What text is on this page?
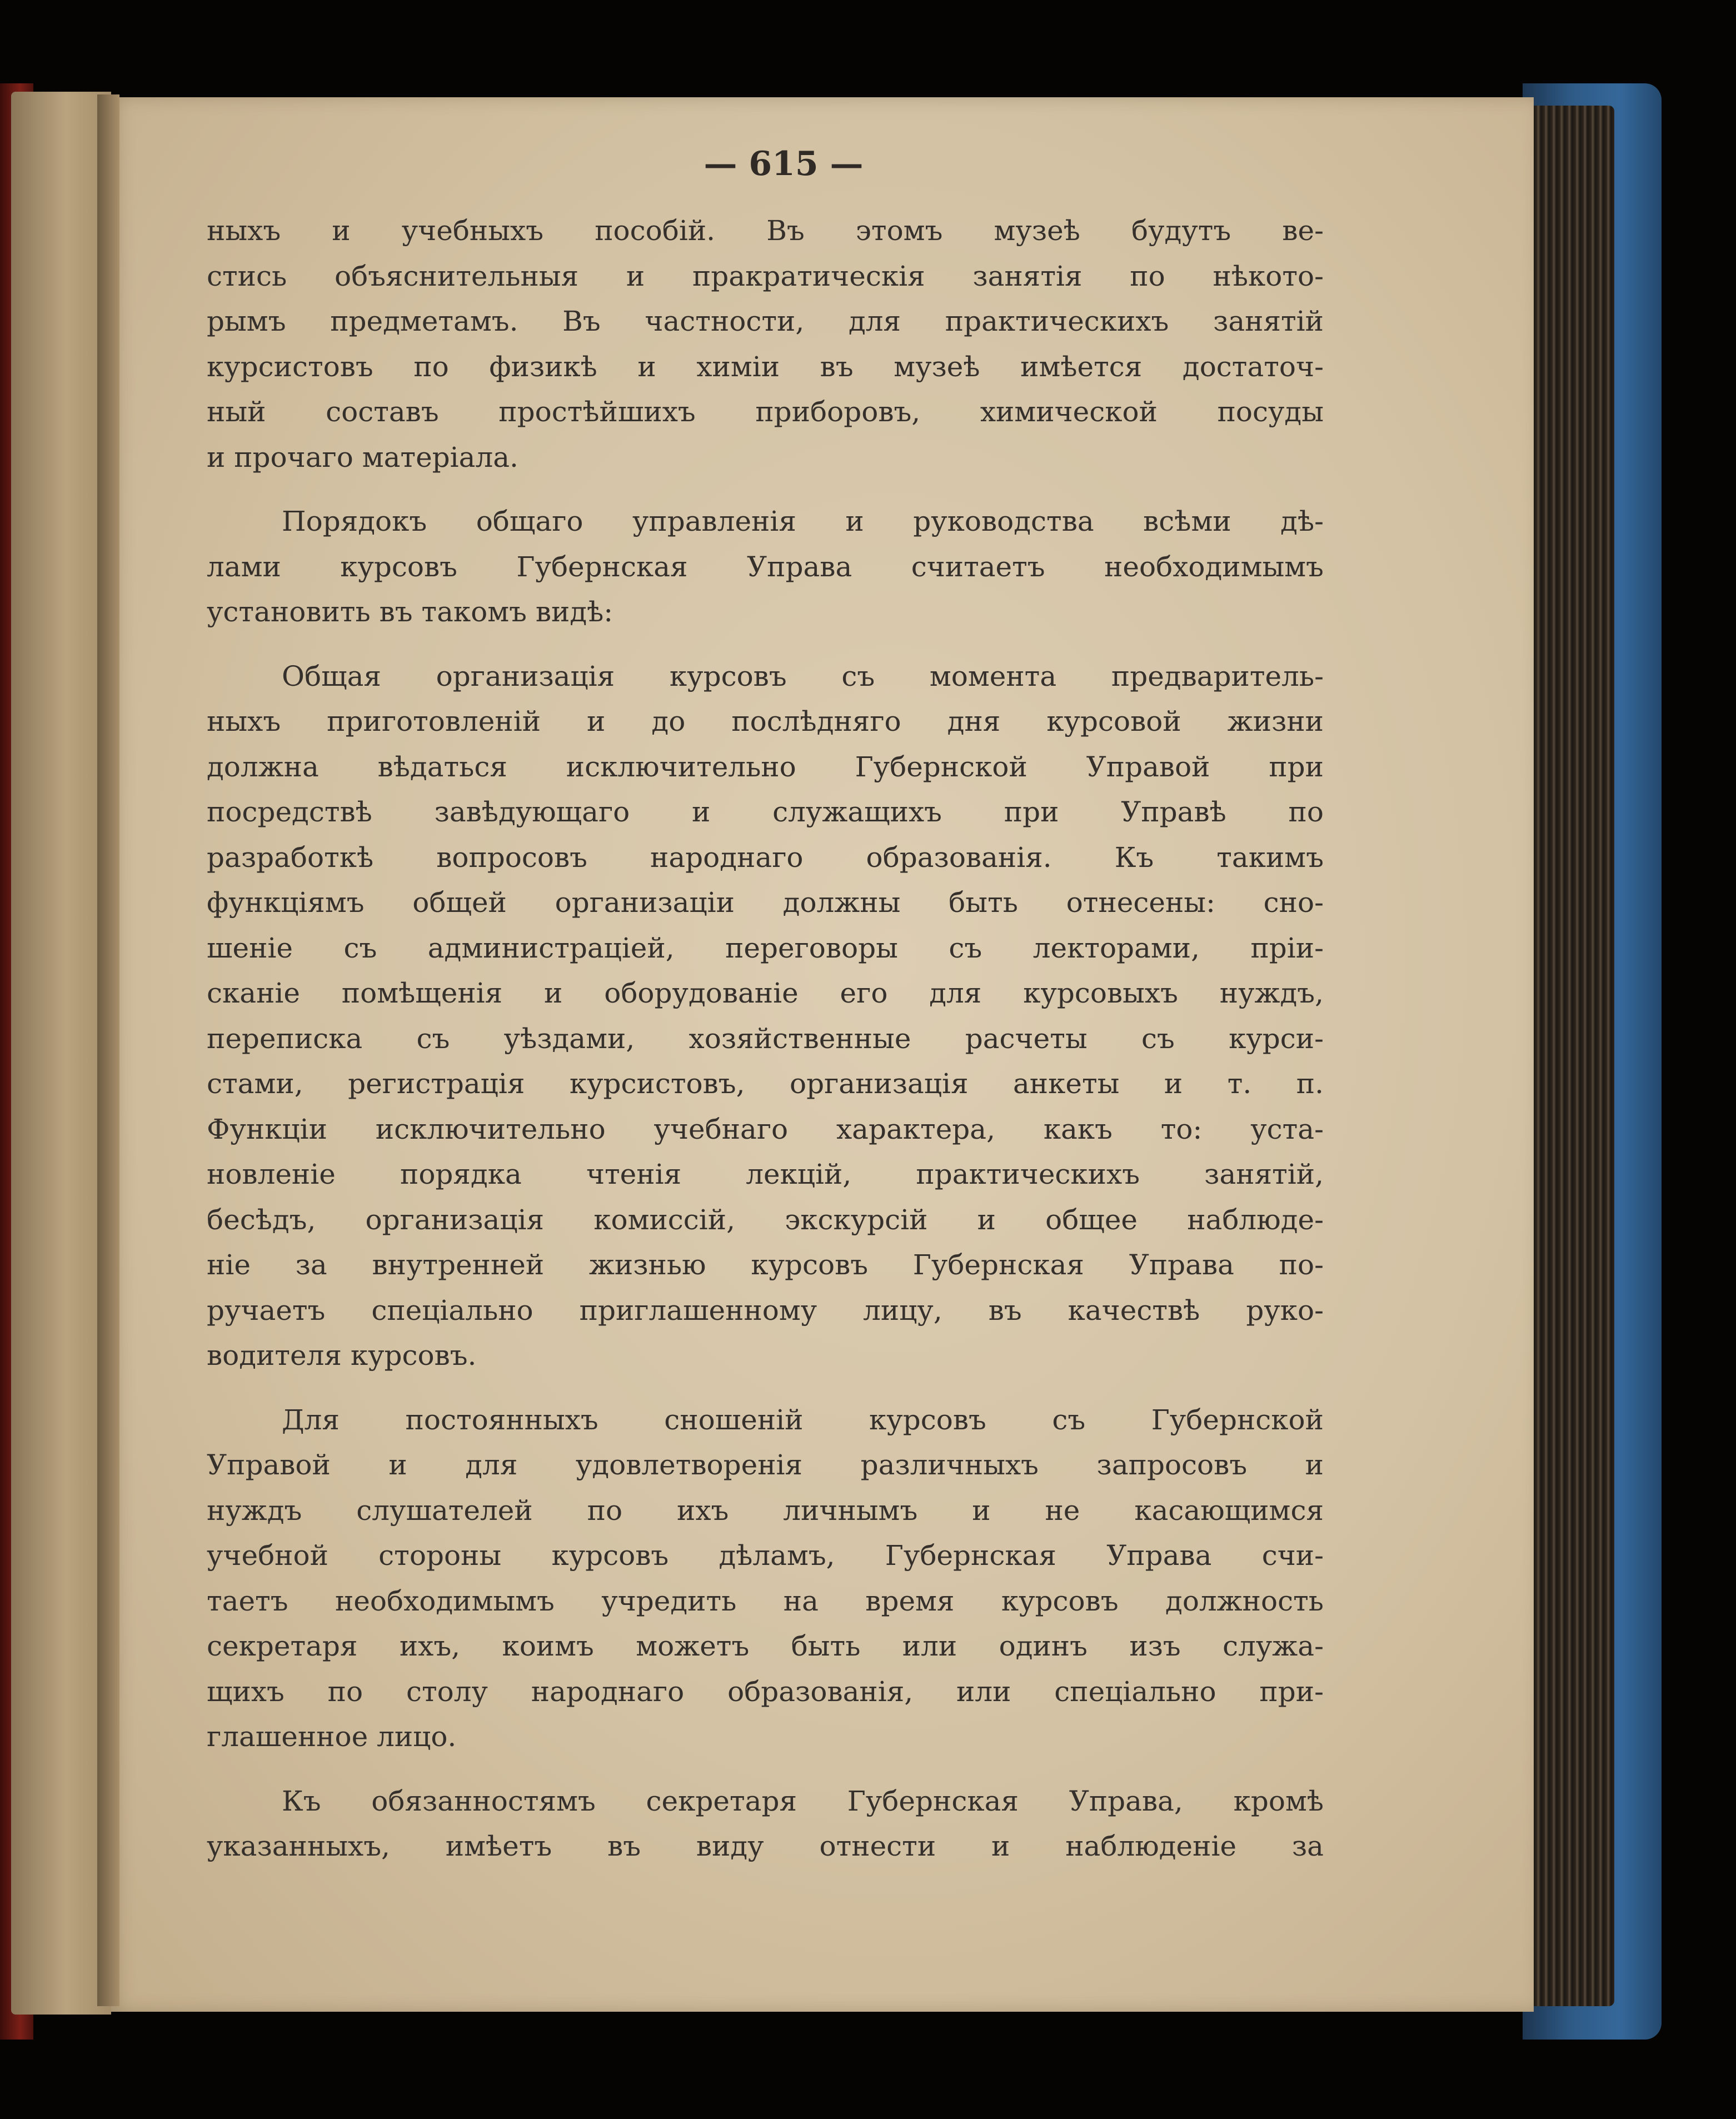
— 615 —

ныхъ и учебныхъ пособій. Въ этомъ музеѣ будутъ ве-
стись объяснительныя и пракратическія занятія по нѣкото-
рымъ предметамъ. Въ частности, для практическихъ занятій
курсистовъ по физикѣ и химіи въ музеѣ имѣется достаточ-
ный составъ простѣйшихъ приборовъ, химической посуды
и прочаго матеріала.

Порядокъ общаго управленія и руководства всѣми дѣ-
лами курсовъ Губернская Управа считаетъ необходимымъ
установить въ такомъ видѣ:

Общая организація курсовъ съ момента предваритель-
ныхъ приготовленій и до послѣдняго дня курсовой жизни
должна вѣдаться исключительно Губернской Управой при
посредствѣ завѣдующаго и служащихъ при Управѣ по
разработкѣ вопросовъ народнаго образованія. Къ такимъ
функціямъ общей организаціи должны быть отнесены: сно-
шеніе съ администраціей, переговоры съ лекторами, пріи-
сканіе помѣщенія и оборудованіе его для курсовыхъ нуждъ,
переписка съ уѣздами, хозяйственные расчеты съ курси-
стами, регистрація курсистовъ, организація анкеты и т. п.
Функціи исключительно учебнаго характера, какъ то: уста-
новленіе порядка чтенія лекцій, практическихъ занятій,
бесѣдъ, организація комиссій, экскурсій и общее наблюде-
ніе за внутренней жизнью курсовъ Губернская Управа по-
ручаетъ спеціально приглашенному лицу, въ качествѣ руко-
водителя курсовъ.

Для постоянныхъ сношеній курсовъ съ Губернской
Управой и для удовлетворенія различныхъ запросовъ и
нуждъ слушателей по ихъ личнымъ и не касающимся
учебной стороны курсовъ дѣламъ, Губернская Управа счи-
таетъ необходимымъ учредить на время курсовъ должность
секретаря ихъ, коимъ можетъ быть или одинъ изъ служа-
щихъ по столу народнаго образованія, или спеціально при-
глашенное лицо.

Къ обязанностямъ секретаря Губернская Управа, кромѣ
указанныхъ, имѣетъ въ виду отнести и наблюденіе за
